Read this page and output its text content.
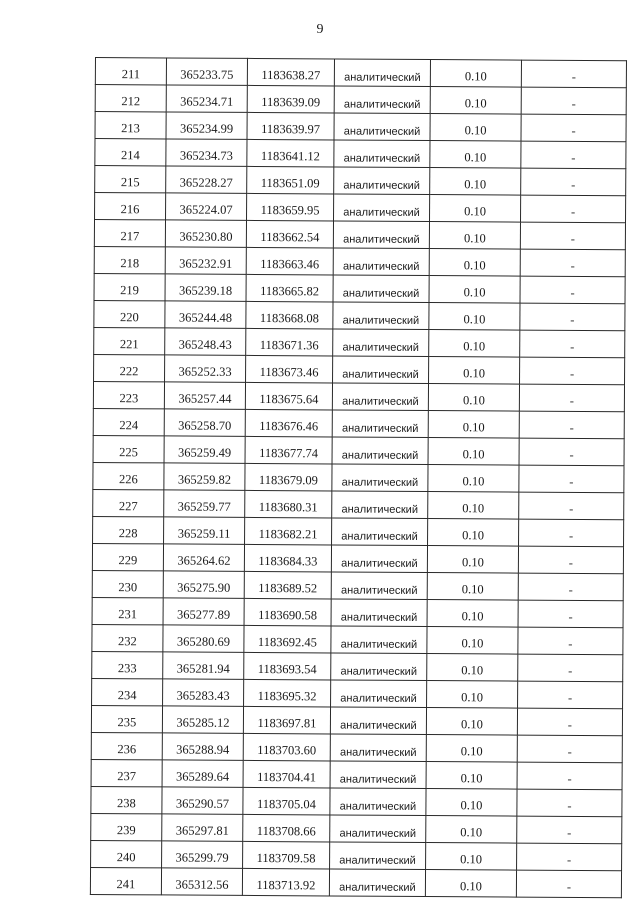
9
211	365233.75	1183638.27	аналитический	0.10	-
212	365234.71	1183639.09	аналитический	0.10	-
213	365234.99	1183639.97	аналитический	0.10	-
214	365234.73	1183641.12	аналитический	0.10	-
215	365228.27	1183651.09	аналитический	0.10	-
216	365224.07	1183659.95	аналитический	0.10	-
217	365230.80	1183662.54	аналитический	0.10	-
218	365232.91	1183663.46	аналитический	0.10	-
219	365239.18	1183665.82	аналитический	0.10	-
220	365244.48	1183668.08	аналитический	0.10	-
221	365248.43	1183671.36	аналитический	0.10	-
222	365252.33	1183673.46	аналитический	0.10	-
223	365257.44	1183675.64	аналитический	0.10	-
224	365258.70	1183676.46	аналитический	0.10	-
225	365259.49	1183677.74	аналитический	0.10	-
226	365259.82	1183679.09	аналитический	0.10	-
227	365259.77	1183680.31	аналитический	0.10	-
228	365259.11	1183682.21	аналитический	0.10	-
229	365264.62	1183684.33	аналитический	0.10	-
230	365275.90	1183689.52	аналитический	0.10	-
231	365277.89	1183690.58	аналитический	0.10	-
232	365280.69	1183692.45	аналитический	0.10	-
233	365281.94	1183693.54	аналитический	0.10	-
234	365283.43	1183695.32	аналитический	0.10	-
235	365285.12	1183697.81	аналитический	0.10	-
236	365288.94	1183703.60	аналитический	0.10	-
237	365289.64	1183704.41	аналитический	0.10	-
238	365290.57	1183705.04	аналитический	0.10	-
239	365297.81	1183708.66	аналитический	0.10	-
240	365299.79	1183709.58	аналитический	0.10	-
241	365312.56	1183713.92	аналитический	0.10	-
